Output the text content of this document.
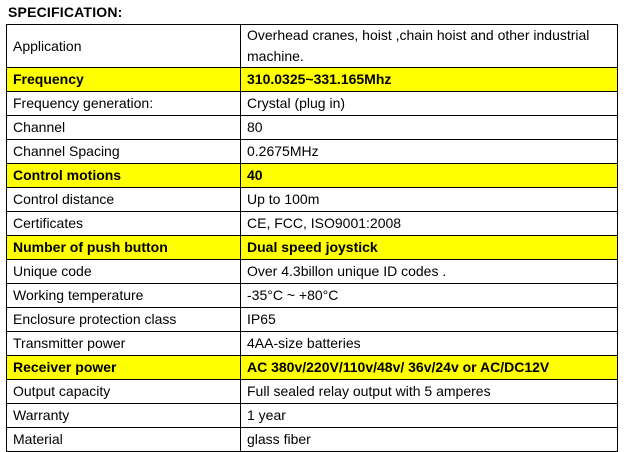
SPECIFICATION:
Application	Overhead cranes, hoist ,chain hoist and other industrial machine.
Frequency	310.0325~331.165Mhz
Frequency generation:	Crystal (plug in)
Channel	80
Channel Spacing	0.2675MHz
Control motions	40
Control distance	Up to 100m
Certificates	CE, FCC, ISO9001:2008
Number of push button	Dual speed joystick
Unique code	Over 4.3billon unique ID codes .
Working temperature	-35°C ~ +80°C
Enclosure protection class	IP65
Transmitter power	4AA-size batteries
Receiver power	AC 380v/220V/110v/48v/ 36v/24v or AC/DC12V
Output capacity	Full sealed relay output with 5 amperes
Warranty	1 year
Material	glass fiber
